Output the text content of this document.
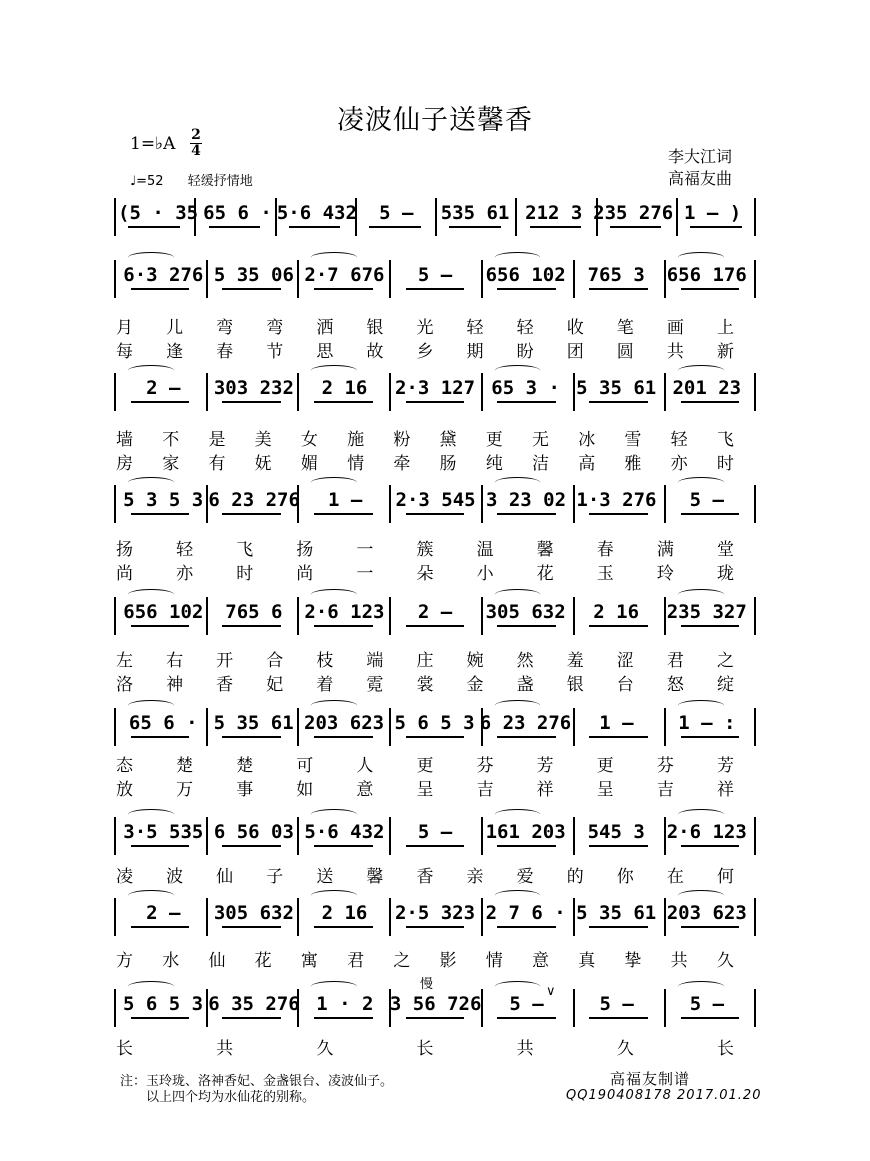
凌波仙子送馨香
1=♭A 2
4
♩=52 轻缓抒情地
李大江词
高福友曲
(5 · 35 65 6 · 5·6 432	5 –	535 61 212 3 235 276 1 – )
6·3 276 5 35 06 2·7 676	5 –	656 102	765 3	656 176
2 –	303 232	2 16	2·3 127 65 3 · 5 35 61 201 23
5 3 5 3 6 23 276	1 –	2·3 545 3 23 02 1·3 276	5 –
656 102	765 6	2·6 123	2 –	305 632	2 16	235 327
65 6 · 5 35 61 203 623 5 6 5 3 6 23 276	1 –	1 – :
3·5 535 6 56 03 5·6 432	5 –	161 203	545 3	2·6 123
2 –	305 632	2 16	2·5 323 2 7 6 · 5 35 61 203 623
5 6 5 3 6 35 276 1 · 2 3 56 726	5 –	5 –	5 –
月 儿 弯 弯 洒 银 光 轻 轻 收 笔 画 上
每 逢 春 节 思 故 乡 期 盼 团 圆 共 新
墙 不 是 美 女 施 粉 黛 更 无 冰 雪 轻 飞
房 家 有 妩 媚 情 牵 肠 纯 洁 高 雅 亦 时
扬 轻 飞 扬 一 簇 温 馨 春 满 堂
尚 亦 时 尚 一 朵 小 花 玉 玲 珑
左 右 开 合 枝 端 庄 婉 然 羞 涩 君 之
洛 神 香 妃 着 霓 裳 金 盏 银 台 怒 绽
态 楚 楚 可 人 更 芬 芳 更 芬 芳
放 万 事 如 意 呈 吉 祥 呈 吉 祥
凌 波 仙 子 送 馨 香 亲 爱 的 你 在 何
方 水 仙 花 寓 君 之 影 情 意 真 挚 共 久
长	共	久	长	共	久	长
慢	∨
注：玉玲珑、洛神香妃、金盏银台、凌波仙子。
以上四个均为水仙花的别称。
高福友制谱
QQ190408178 2017.01.20
